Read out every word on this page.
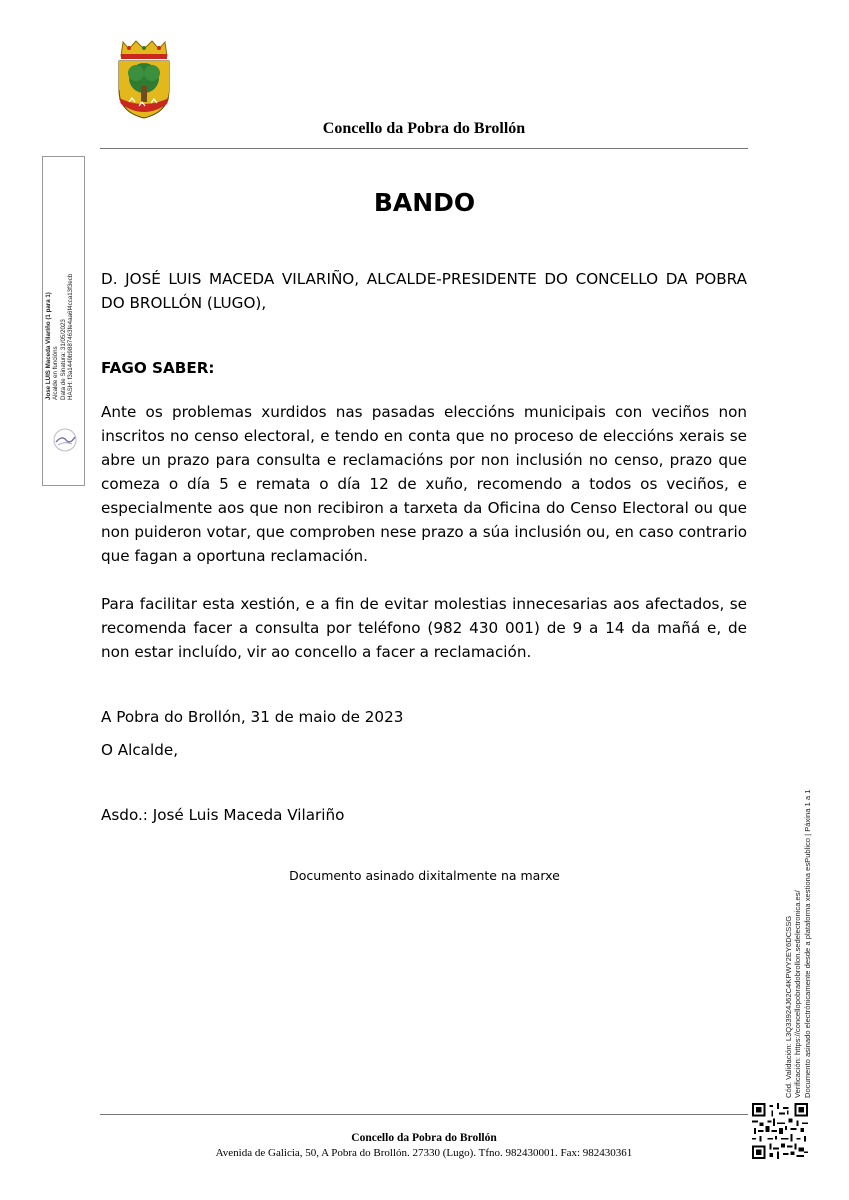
Concello da Pobra do Brollón
Jose LUIS Maceda Vilariño (1 para 1) Alcalde en funcións Data de Sinatura: 31/05/2023 HASH: f3a1449b9887463fe4aa6f4cca13f3ecb
BANDO
D. JOSÉ LUIS MACEDA VILARIÑO, ALCALDE-PRESIDENTE DO CONCELLO DA POBRA DO BROLLÓN (LUGO),
FAGO SABER:
Ante os problemas xurdidos nas pasadas eleccións municipais con veciños non inscritos no censo electoral, e tendo en conta que no proceso de eleccións xerais se abre un prazo para consulta e reclamacións por non inclusión no censo, prazo que comeza o día 5 e remata o día 12 de xuño, recomendo a todos os veciños, e especialmente aos que non recibiron a tarxeta da Oficina do Censo Electoral ou que non puideron votar, que comproben nese prazo a súa inclusión ou, en caso contrario que fagan a oportuna reclamación.
Para facilitar esta xestión, e a fin de evitar molestias innecesarias aos afectados, se recomenda facer a consulta por teléfono (982 430 001) de 9 a 14 da mañá e, de non estar incluído, vir ao concello a facer a reclamación.
A Pobra do Brollón, 31 de maio de 2023
O Alcalde,
Asdo.: José Luis Maceda Vilariño
Documento asinado dixitalmente na marxe
Cód. Validación: L3Q33924J62C4KPWY2EY6DCSSG Verificación: https://concellopobradobrollon.sedelectronica.es/ Documento asinado electrónicamente desde a plataforma xestiona esPublico | Páxina 1 a 1
Concello da Pobra do Brollón
Avenida de Galicia, 50, A Pobra do Brollón. 27330 (Lugo). Tfno. 982430001. Fax: 982430361
